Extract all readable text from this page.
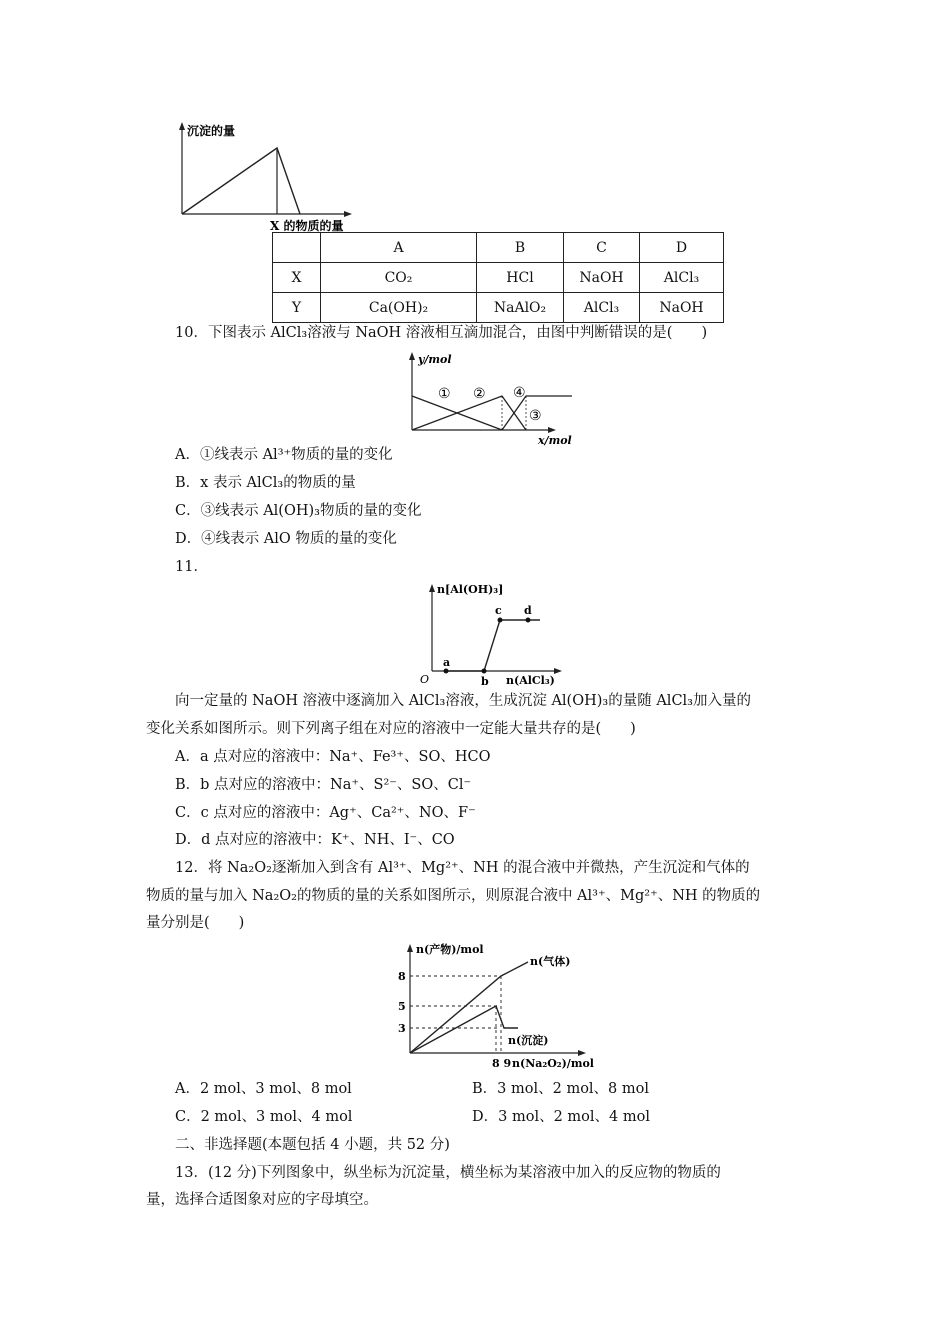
沉淀的量
X 的物质的量
	A	B	C	D
X	CO₂	HCl	NaOH	AlCl₃
Y	Ca(OH)₂	NaAlO₂	AlCl₃	NaOH
10．下图表示 AlCl₃溶液与 NaOH 溶液相互滴加混合，由图中判断错误的是(　　)
y/mol
x/mol
① ② ④
③
A．①线表示 Al³⁺物质的量的变化
B．x 表示 AlCl₃的物质的量
C．③线表示 Al(OH)₃物质的量的变化
D．④线表示 AlO 物质的量的变化
11．
n[Al(OH)₃]
n(AlCl₃)
O
a
b
c d
向一定量的 NaOH 溶液中逐滴加入 AlCl₃溶液，生成沉淀 Al(OH)₃的量随 AlCl₃加入量的
变化关系如图所示。则下列离子组在对应的溶液中一定能大量共存的是(　　)
A．a 点对应的溶液中：Na⁺、Fe³⁺、SO、HCO
B．b 点对应的溶液中：Na⁺、S²⁻、SO、Cl⁻
C．c 点对应的溶液中：Ag⁺、Ca²⁺、NO、F⁻
D．d 点对应的溶液中：K⁺、NH、I⁻、CO
12．将 Na₂O₂逐渐加入到含有 Al³⁺、Mg²⁺、NH 的混合液中并微热，产生沉淀和气体的
物质的量与加入 Na₂O₂的物质的量的关系如图所示，则原混合液中 Al³⁺、Mg²⁺、NH 的物质的
量分别是(　　)
n(产物)/mol
n(气体)
n(沉淀)
8
5
3
8 9 n(Na₂O₂)/mol
A．2 mol、3 mol、8 mol	B．3 mol、2 mol、8 mol
C．2 mol、3 mol、4 mol	D．3 mol、2 mol、4 mol
二、非选择题(本题包括 4 小题，共 52 分)
13．(12 分)下列图象中，纵坐标为沉淀量，横坐标为某溶液中加入的反应物的物质的
量，选择合适图象对应的字母填空。
